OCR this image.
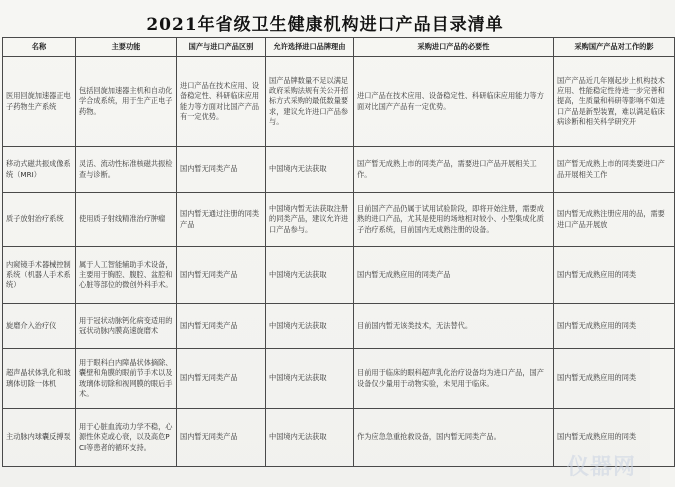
2021年省级卫生健康机构进口产品目录清单
名称	主要功能	国产与进口产品区别	允许选择进口品牌理由	采购进口产品的必要性	采购国产产品对工作的影
医用回旋加速器正电子药物生产系统	包括回旋加速器主机和自动化学合成系统，用于生产正电子药物。	进口产品在技术应用、设备稳定性、科研临床应用能力等方面对比国产产品有一定优势。	国产品牌数量不足以满足政府采购法规有关公开招标方式采购的最低数量要求，建议允许进口产品参与。	进口产品在技术应用、设备稳定性、科研临床应用能力等方面对比国产产品有一定优势。	国产产品近几年刚起步上机构技术应用、性能稳定性待进一步完善和提高，生质量和科研等影响不如进口产品是新型装置，难以满足临床病诊断和相关科学研究开
移动式磁共振成像系统（MRI）	灵活、流动性标准核磁共振检查与诊断。	国内暂无同类产品	中国境内无法获取	国产暂无成熟上市的同类产品，需要进口产品开展相关工作。	国产暂无成熟上市的同类要进口产品开展相关工作
质子放射治疗系统	使用质子射线精准治疗肿瘤	国内暂无通过注册的同类产品	中国境内暂无法获取注册的同类产品，建议允许进口产品参与。	目前国产产品仍属于试用试验阶段，即将开始注册，需要成熟的进口产品，尤其是使用的场地相对较小、小型集成化质子治疗系统，目前国内无成熟注册的设备。	国内暂无成熟注册应用的品，需要进口产品开展放
内窥镜手术器械控制系统（机器人手术系统）	属于人工智能辅助手术设备，主要用于胸腔、腹腔、盆腔和心脏等部位的微创外科手术。	国内暂无同类产品	中国境内无法获取	国内暂无成熟应用的同类产品	国内暂无成熟应用的同类
旋磨介入治疗仪	用于冠状动脉钙化病变适用的冠状动脉内膜高速旋磨术	国内暂无同类产品	中国境内无法获取	目前国内暂无该类技术，无法替代。	国内暂无成熟应用的同类
超声晶状体乳化和玻璃体切除一体机	用于眼科白内障晶状体摘除、囊壁和角膜的眼前节手术以及玻璃体切除和视网膜的眼后手术。	国内暂无同类产品	中国境内无法获取	目前用于临床的眼科超声乳化治疗设备均为进口产品，国产设备仅少量用于动物实验，未见用于临床。	国内暂无成熟应用的同类
主动脉内球囊反搏泵	用于心脏血流动力学不稳，心源性休克或心衰，以及高危PCI等患者的循环支持。	国内暂无同类产品	中国境内无法获取	作为应急急重抢救设备，国内暂无同类产品。	国内暂无成熟应用的同类
仪器网
